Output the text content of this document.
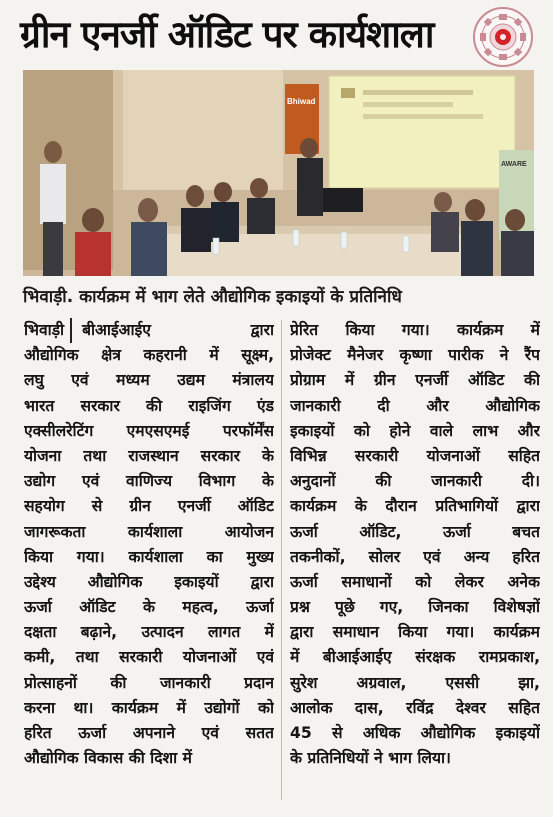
ग्रीन एनर्जी ऑडिट पर कार्यशाला
Bhiwad
AWARE
भिवाड़ी. कार्यक्रम में भाग लेते औद्योगिक इकाइयों के प्रतिनिधि
भिवाड़ी बीआईआईए द्वारा
औद्योगिक क्षेत्र कहरानी में सूक्ष्म,
लघु एवं मध्यम उद्यम मंत्रालय
भारत सरकार की राइजिंग एंड
एक्सीलरेटिंग एमएसएमई परफॉर्मेंस
योजना तथा राजस्थान सरकार के
उद्योग एवं वाणिज्य विभाग के
सहयोग से ग्रीन एनर्जी ऑडिट
जागरूकता कार्यशाला आयोजन
किया गया। कार्यशाला का मुख्य
उद्देश्य औद्योगिक इकाइयों द्वारा
ऊर्जा ऑडिट के महत्व, ऊर्जा
दक्षता बढ़ाने, उत्पादन लागत में
कमी, तथा सरकारी योजनाओं एवं
प्रोत्साहनों की जानकारी प्रदान
करना था। कार्यक्रम में उद्योगों को
हरित ऊर्जा अपनाने एवं सतत
औद्योगिक विकास की दिशा में
प्रेरित किया गया। कार्यक्रम में
प्रोजेक्ट मैनेजर कृष्णा पारीक ने रैंप
प्रोग्राम में ग्रीन एनर्जी ऑडिट की
जानकारी दी और औद्योगिक
इकाइयों को होने वाले लाभ और
विभिन्न सरकारी योजनाओं सहित
अनुदानों की जानकारी दी।
कार्यक्रम के दौरान प्रतिभागियों द्वारा
ऊर्जा ऑडिट, ऊर्जा बचत
तकनीकों, सोलर एवं अन्य हरित
ऊर्जा समाधानों को लेकर अनेक
प्रश्न पूछे गए, जिनका विशेषज्ञों
द्वारा समाधान किया गया। कार्यक्रम
में बीआईआईए संरक्षक रामप्रकाश,
सुरेश अग्रवाल, एससी झा,
आलोक दास, रविंद्र देश्वर सहित
45 से अधिक औद्योगिक इकाइयों
के प्रतिनिधियों ने भाग लिया।
